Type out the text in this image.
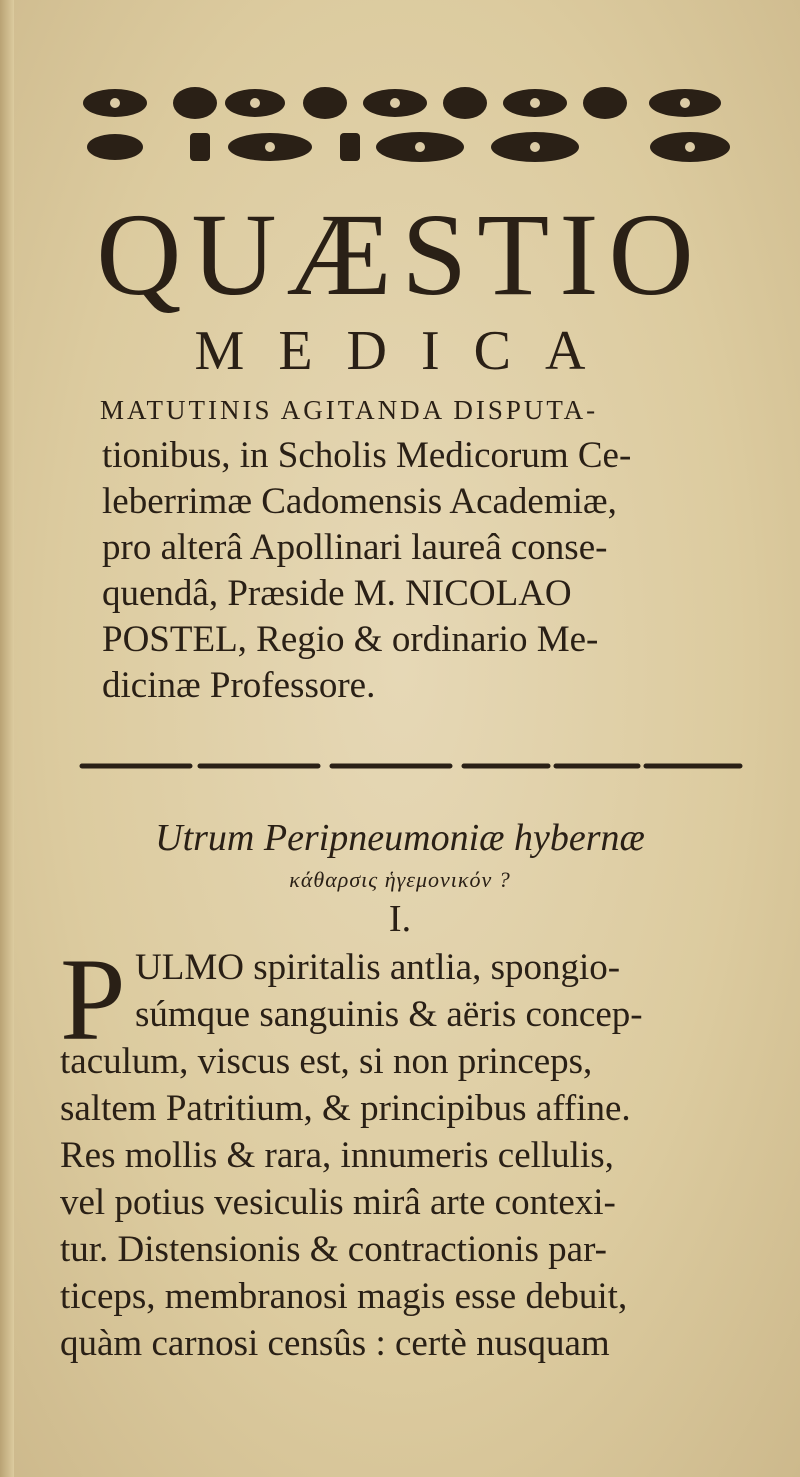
QUÆSTIO
MEDICA
MATUTINIS AGITANDA DISPUTA-
tionibus, in Scholis Medicorum Ce-
leberrimæ Cadomensis Academiæ,
pro alterâ Apollinari laureâ conse-
quendâ, Præside M. NICOLAO
POSTEL, Regio & ordinario Me-
dicinæ Professore.
Utrum Peripneumoniæ hybernæ
κάθαρσις ἡγεμονικόν ?
I.
P ULMO spiritalis antlia, spongio-
súmque sanguinis & aëris concep-
taculum, viscus est, si non princeps,
saltem Patritium, & principibus affine.
Res mollis & rara, innumeris cellulis,
vel potius vesiculis mirâ arte contexi-
tur. Distensionis & contractionis par-
ticeps, membranosi magis esse debuit,
quàm carnosi censûs : certè nusquam
